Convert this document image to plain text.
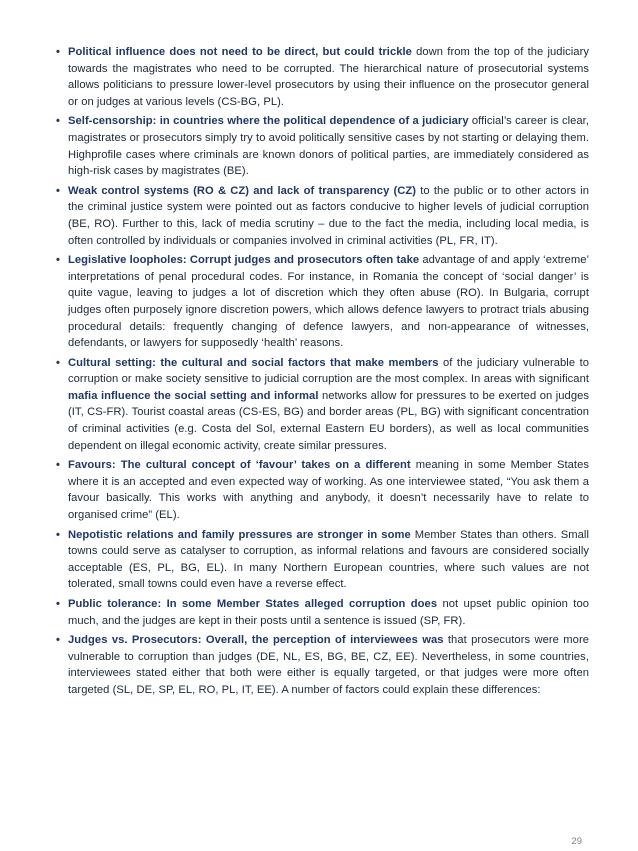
• Political influence does not need to be direct, but could trickle down from the top of the judiciary towards the magistrates who need to be corrupted. The hierarchical nature of prosecutorial systems allows politicians to pressure lower-level prosecutors by using their influence on the prosecutor general or on judges at various levels (CS-BG, PL).

• Self-censorship: in countries where the political dependence of a judiciary official’s career is clear, magistrates or prosecutors simply try to avoid politically sensitive cases by not starting or delaying them. Highprofile cases where criminals are known donors of political parties, are immediately considered as high-risk cases by magistrates (BE).

• Weak control systems (RO & CZ) and lack of transparency (CZ) to the public or to other actors in the criminal justice system were pointed out as factors conducive to higher levels of judicial corruption (BE, RO). Further to this, lack of media scrutiny – due to the fact the media, including local media, is often controlled by individuals or companies involved in criminal activities (PL, FR, IT).

• Legislative loopholes: Corrupt judges and prosecutors often take advantage of and apply ‘extreme’ interpretations of penal procedural codes. For instance, in Romania the concept of ‘social danger’ is quite vague, leaving to judges a lot of discretion which they often abuse (RO). In Bulgaria, corrupt judges often purposely ignore discretion powers, which allows defence lawyers to protract trials abusing procedural details: frequently changing of defence lawyers, and non-appearance of witnesses, defendants, or lawyers for supposedly ‘health’ reasons.

• Cultural setting: the cultural and social factors that make members of the judiciary vulnerable to corruption or make society sensitive to judicial corruption are the most complex. In areas with significant mafia influence the social setting and informal networks allow for pressures to be exerted on judges (IT, CS-FR). Tourist coastal areas (CS-ES, BG) and border areas (PL, BG) with significant concentration of criminal activities (e.g. Costa del Sol, external Eastern EU borders), as well as local communities dependent on illegal economic activity, create similar pressures.

• Favours: The cultural concept of ‘favour’ takes on a different meaning in some Member States where it is an accepted and even expected way of working. As one interviewee stated, “You ask them a favour basically. This works with anything and anybody, it doesn’t necessarily have to relate to organised crime” (EL).

• Nepotistic relations and family pressures are stronger in some Member States than others. Small towns could serve as catalyser to corruption, as informal relations and favours are considered socially acceptable (ES, PL, BG, EL). In many Northern European countries, where such values are not tolerated, small towns could even have a reverse effect.

• Public tolerance: In some Member States alleged corruption does not upset public opinion too much, and the judges are kept in their posts until a sentence is issued (SP, FR).

• Judges vs. Prosecutors: Overall, the perception of interviewees was that prosecutors were more vulnerable to corruption than judges (DE, NL, ES, BG, BE, CZ, EE). Nevertheless, in some countries, interviewees stated either that both were either is equally targeted, or that judges were more often targeted (SL, DE, SP, EL, RO, PL, IT, EE). A number of factors could explain these differences:

29
